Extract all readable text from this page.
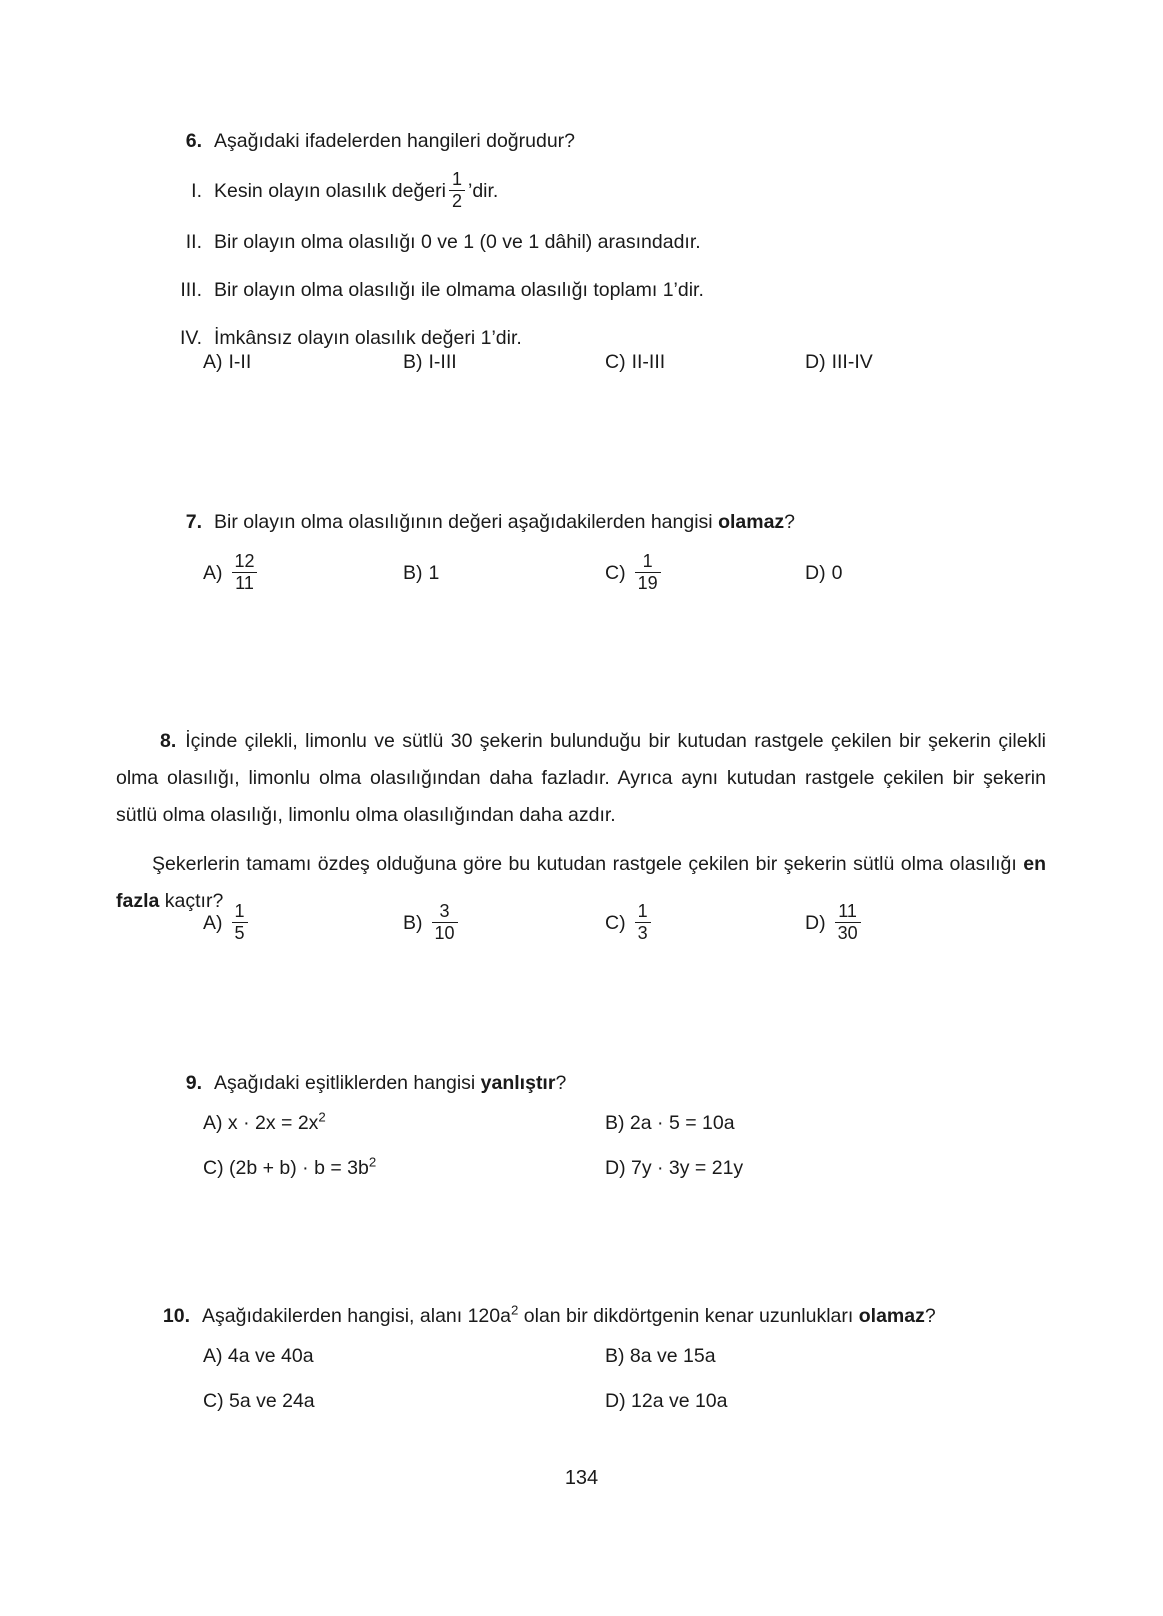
6. Aşağıdaki ifadelerden hangileri doğrudur?
I. Kesin olayın olasılık değeri $\frac{1}{2}$ ’dir.
II. Bir olayın olma olasılığı 0 ve 1 (0 ve 1 dâhil) arasındadır.
III. Bir olayın olma olasılığı ile olmama olasılığı toplamı 1’dir.
IV. İmkânsız olayın olasılık değeri 1’dir.
A) I-II	B) I-III	C) II-III	D) III-IV
7. Bir olayın olma olasılığının değeri aşağıdakilerden hangisi olamaz?
$A) \frac{12}{11}$	B) 1	$C) \frac{1}{19}$	D) 0

8. İçinde çilekli, limonlu ve sütlü 30 şekerin bulunduğu bir kutudan rastgele çekilen bir şekerin çilekli olma olasılığı, limonlu olma olasılığından daha fazladır. Ayrıca aynı kutudan rastgele çekilen bir şekerin sütlü olma olasılığı, limonlu olma olasılığından daha azdır.

Şekerlerin tamamı özdeş olduğuna göre bu kutudan rastgele çekilen bir şekerin sütlü olma olasılığı en fazla kaçtır?

$A) \frac{1}{5}$	$B) \frac{3}{10}$	$C) \frac{1}{3}$	$D) \frac{11}{30}$
9. Aşağıdaki eşitliklerden hangisi yanlıştır?
A) $x \cdot 2x = 2x^2$	B) 2a · 5 = 10a
C) $(2b + b) \cdot b = 3b^2$	D) 7y · 3y = 21y
10. Aşağıdakilerden hangisi, alanı $120a^2$ olan bir dikdörtgenin kenar uzunlukları olamaz?
A) 4a ve 40a	B) 8a ve 15a
C) 5a ve 24a	D) 12a ve 10a
134
